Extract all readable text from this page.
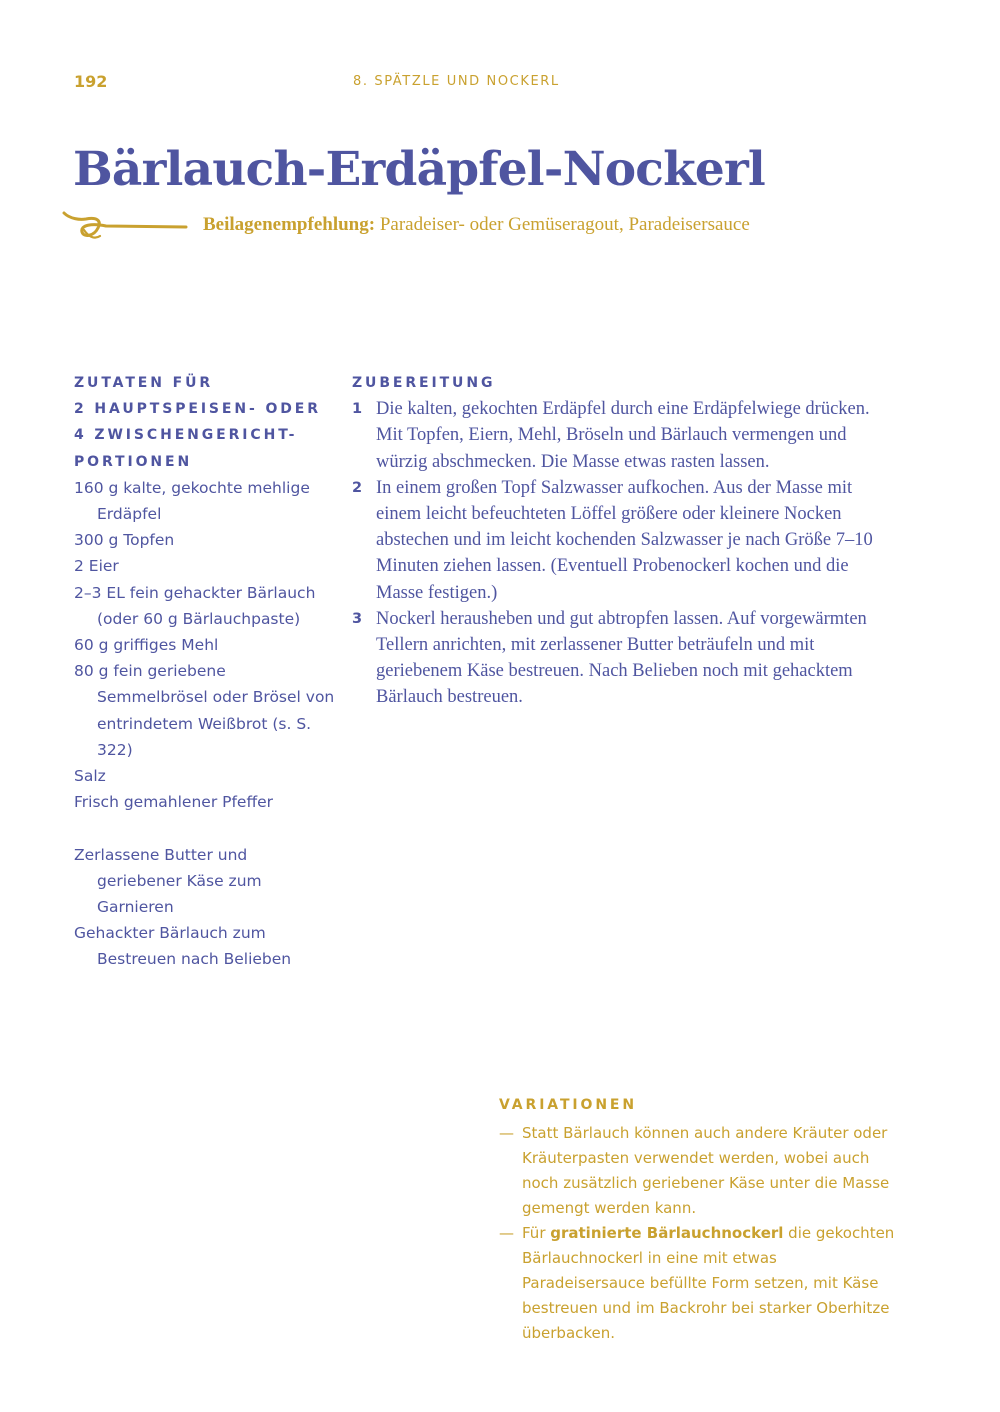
192	8. SPÄTZLE UND NOCKERL
Bärlauch-Erdäpfel-Nockerl
Beilagenempfehlung: Paradeiser- oder Gemüseragout, Paradeisersauce
ZUTATEN FÜR
2 HAUPTSPEISEN- ODER
4 ZWISCHENGERICHT-
PORTIONEN
160 g kalte, gekochte mehlige Erdäpfel
300 g Topfen
2 Eier
2–3 EL fein gehackter Bärlauch (oder 60 g Bärlauchpaste)
60 g griffiges Mehl
80 g fein geriebene Semmelbrösel oder Brösel von entrindetem Weißbrot (s. S. 322)
Salz
Frisch gemahlener Pfeffer
Zerlassene Butter und geriebener Käse zum Garnieren
Gehackter Bärlauch zum Bestreuen nach Belieben
ZUBEREITUNG
1 Die kalten, gekochten Erdäpfel durch eine Erdäpfelwiege drücken. Mit Topfen, Eiern, Mehl, Bröseln und Bärlauch vermengen und würzig abschmecken. Die Masse etwas rasten lassen.
2 In einem großen Topf Salzwasser aufkochen. Aus der Masse mit einem leicht befeuchteten Löffel größere oder kleinere Nocken abstechen und im leicht kochenden Salzwasser je nach Größe 7–10 Minuten ziehen lassen. (Eventuell Probenockerl kochen und die Masse festigen.)
3 Nockerl herausheben und gut abtropfen lassen. Auf vorgewärmten Tellern anrichten, mit zerlassener Butter beträufeln und mit geriebenem Käse bestreuen. Nach Belieben noch mit gehacktem Bärlauch bestreuen.
VARIATIONEN
— Statt Bärlauch können auch andere Kräuter oder Kräuterpasten verwendet werden, wobei auch noch zusätzlich geriebener Käse unter die Masse gemengt werden kann.
— Für gratinierte Bärlauchnockerl die gekochten Bärlauchnockerl in eine mit etwas Paradeisersauce befüllte Form setzen, mit Käse bestreuen und im Backrohr bei starker Oberhitze überbacken.
